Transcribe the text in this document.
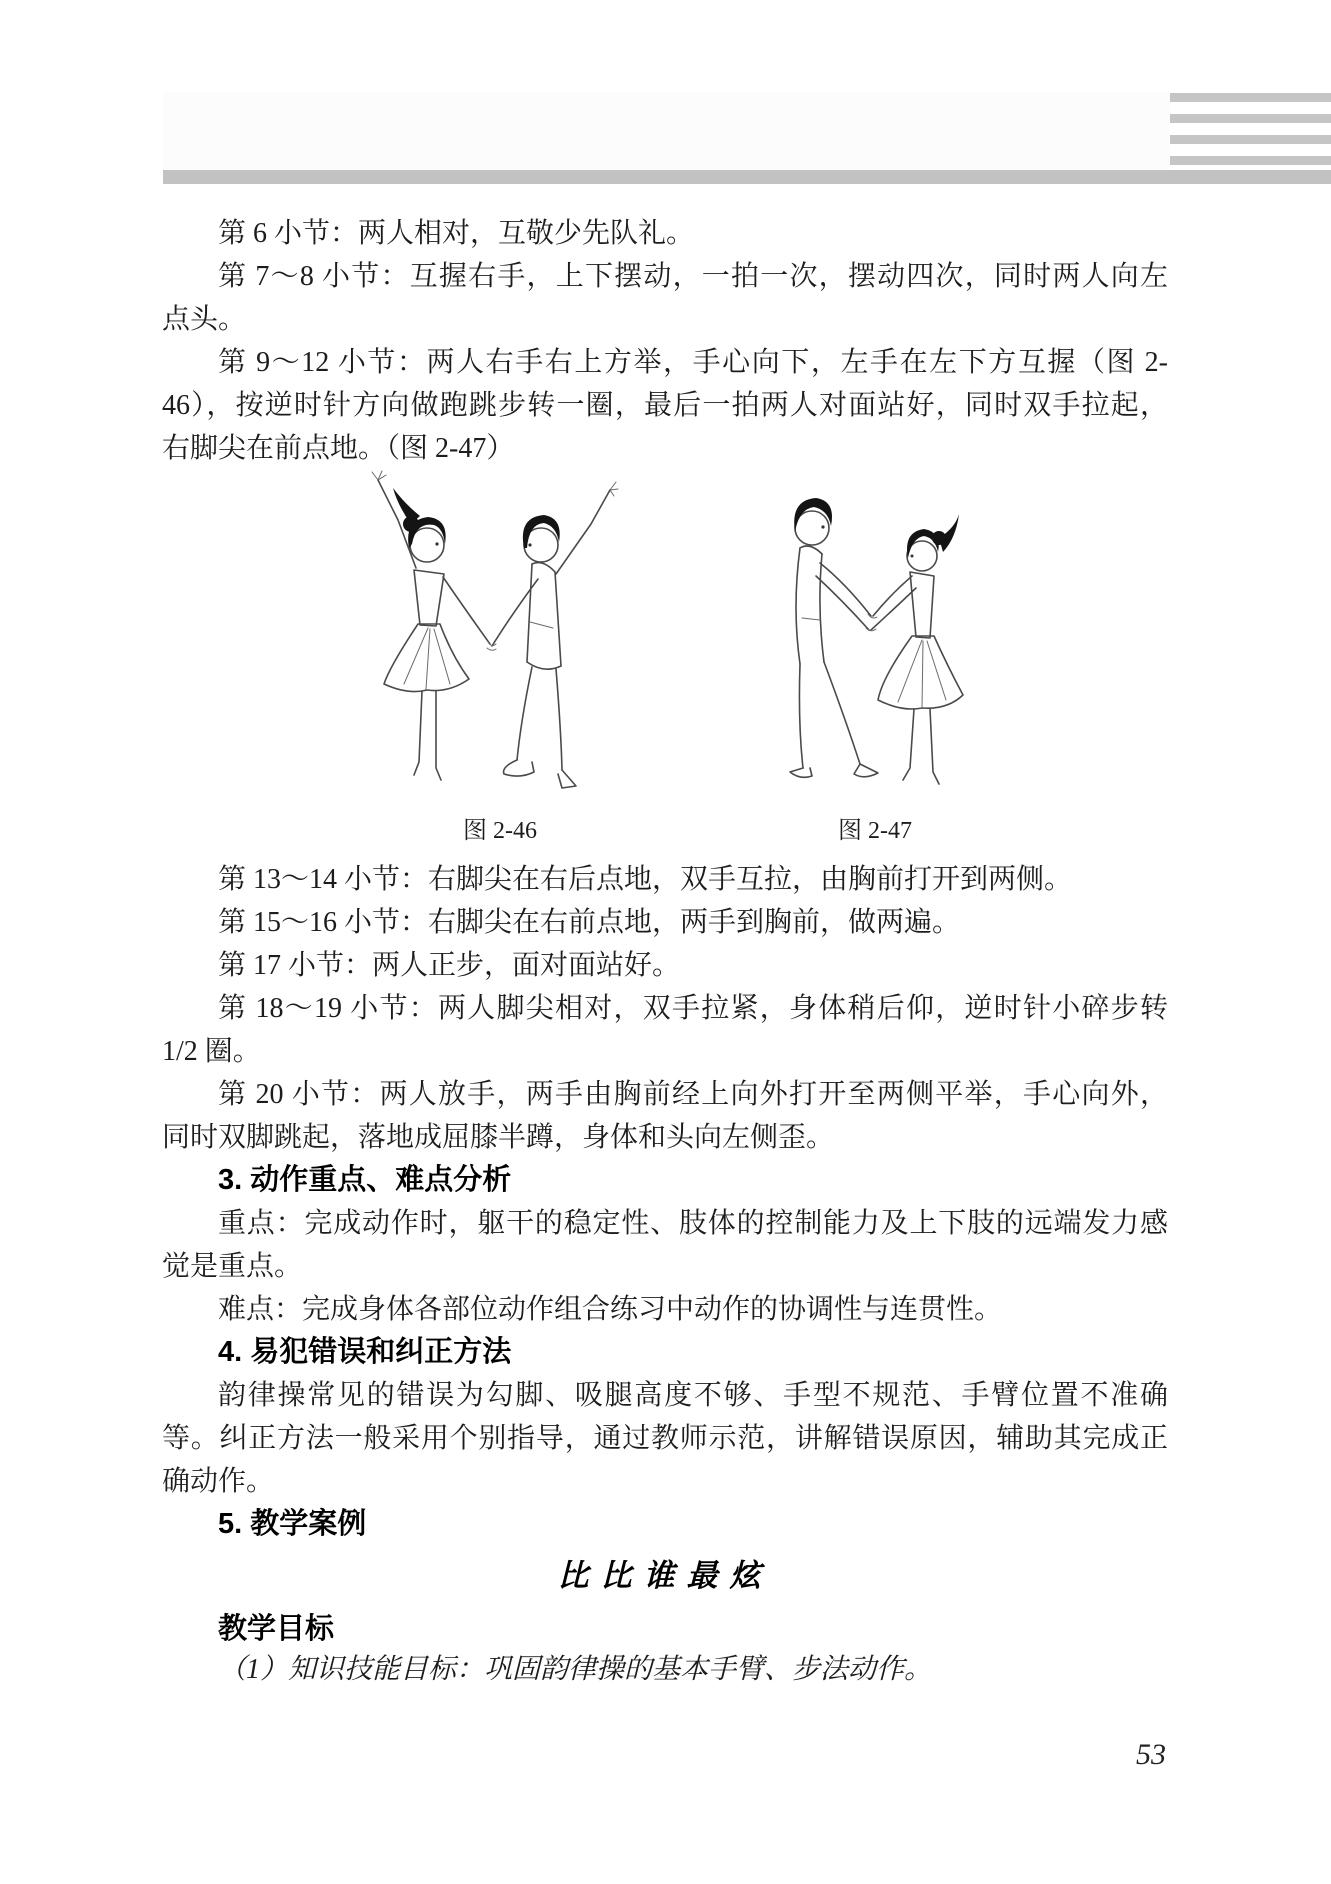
第 6 小节：两人相对，互敬少先队礼。
第 7～8 小节：互握右手，上下摆动，一拍一次，摆动四次，同时两人向左
点头。
第 9～12 小节：两人右手右上方举，手心向下，左手在左下方互握（图 2-
46），按逆时针方向做跑跳步转一圈，最后一拍两人对面站好，同时双手拉起，
右脚尖在前点地。（图 2-47）
图 2-46	图 2-47
第 13～14 小节：右脚尖在右后点地，双手互拉，由胸前打开到两侧。
第 15～16 小节：右脚尖在右前点地，两手到胸前，做两遍。
第 17 小节：两人正步，面对面站好。
第 18～19 小节：两人脚尖相对，双手拉紧，身体稍后仰，逆时针小碎步转
1/2 圈。
第 20 小节：两人放手，两手由胸前经上向外打开至两侧平举，手心向外，
同时双脚跳起，落地成屈膝半蹲，身体和头向左侧歪。
3. 动作重点、难点分析
重点：完成动作时，躯干的稳定性、肢体的控制能力及上下肢的远端发力感
觉是重点。
难点：完成身体各部位动作组合练习中动作的协调性与连贯性。
4. 易犯错误和纠正方法
韵律操常见的错误为勾脚、吸腿高度不够、手型不规范、手臂位置不准确
等。纠正方法一般采用个别指导，通过教师示范，讲解错误原因，辅助其完成正
确动作。
5. 教学案例
比比谁最炫
教学目标
（1）知识技能目标：巩固韵律操的基本手臂、步法动作。
53
